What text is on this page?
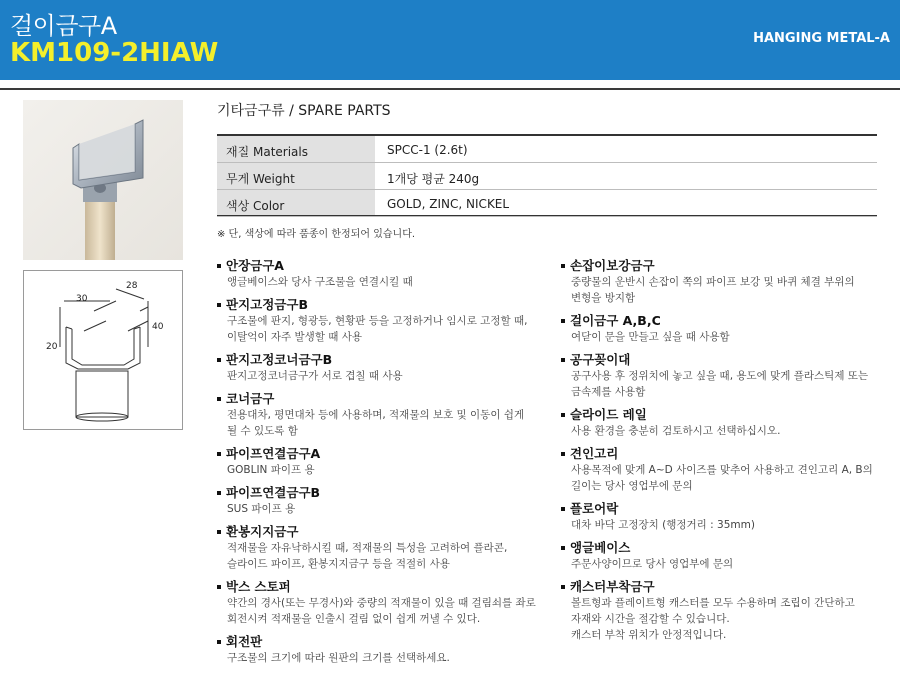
걸이금구A
KM109-2HIAW	HANGING METAL-A
28
30
40
20
기타금구류 / SPARE PARTS
재질 Materials	SPCC-1 (2.6t)
무게 Weight	1개당 평균 240g
색상 Color	GOLD, ZINC, NICKEL
※ 단, 색상에 따라 품종이 한정되어 있습니다.
안장금구A
앵글베이스와 당사 구조물을 연결시킬 때
판지고정금구B
구조물에 판지, 형광등, 현황판 등을 고정하거나 임시로 고정할 때,
이탈억이 자주 발생할 때 사용
판지고정코너금구B
판지고정코너금구가 서로 겹칠 때 사용
코너금구
전용대차, 평면대차 등에 사용하며, 적재물의 보호 및 이동이 쉽게
될 수 있도록 함
파이프연결금구A
GOBLIN 파이프 용
파이프연결금구B
SUS 파이프 용
환봉지지금구
적재물을 자유낙하시킬 때, 적재물의 특성을 고려하여 플라콘,
슬라이드 파이프, 환봉지지금구 등을 적절히 사용
박스 스토퍼
약간의 경사(또는 무경사)와 중량의 적재물이 있을 때 걸림쇠를 좌로
회전시켜 적재물을 인출시 걸림 없이 쉽게 꺼낼 수 있다.
회전판
구조물의 크기에 따라 원판의 크기를 선택하세요.
손잡이보강금구
중량물의 운반시 손잡이 쪽의 파이프 보강 및 바퀴 체결 부위의
변형을 방지함
걸이금구 A,B,C
여닫이 문을 만들고 싶을 때 사용함
공구꽂이대
공구사용 후 정위치에 놓고 싶을 때, 용도에 맞게 플라스틱제 또는
금속제를 사용함
슬라이드 레일
사용 환경을 충분히 검토하시고 선택하십시오.
견인고리
사용목적에 맞게 A~D 사이즈를 맞추어 사용하고 견인고리 A, B의
길이는 당사 영업부에 문의
플로어락
대차 바닥 고정장치 (행정거리 : 35mm)
앵글베이스
주문사양이므로 당사 영업부에 문의
캐스터부착금구
볼트형과 플레이트형 캐스터를 모두 수용하며 조립이 간단하고
자재와 시간을 절감할 수 있습니다.
캐스터 부착 위치가 안정적입니다.
